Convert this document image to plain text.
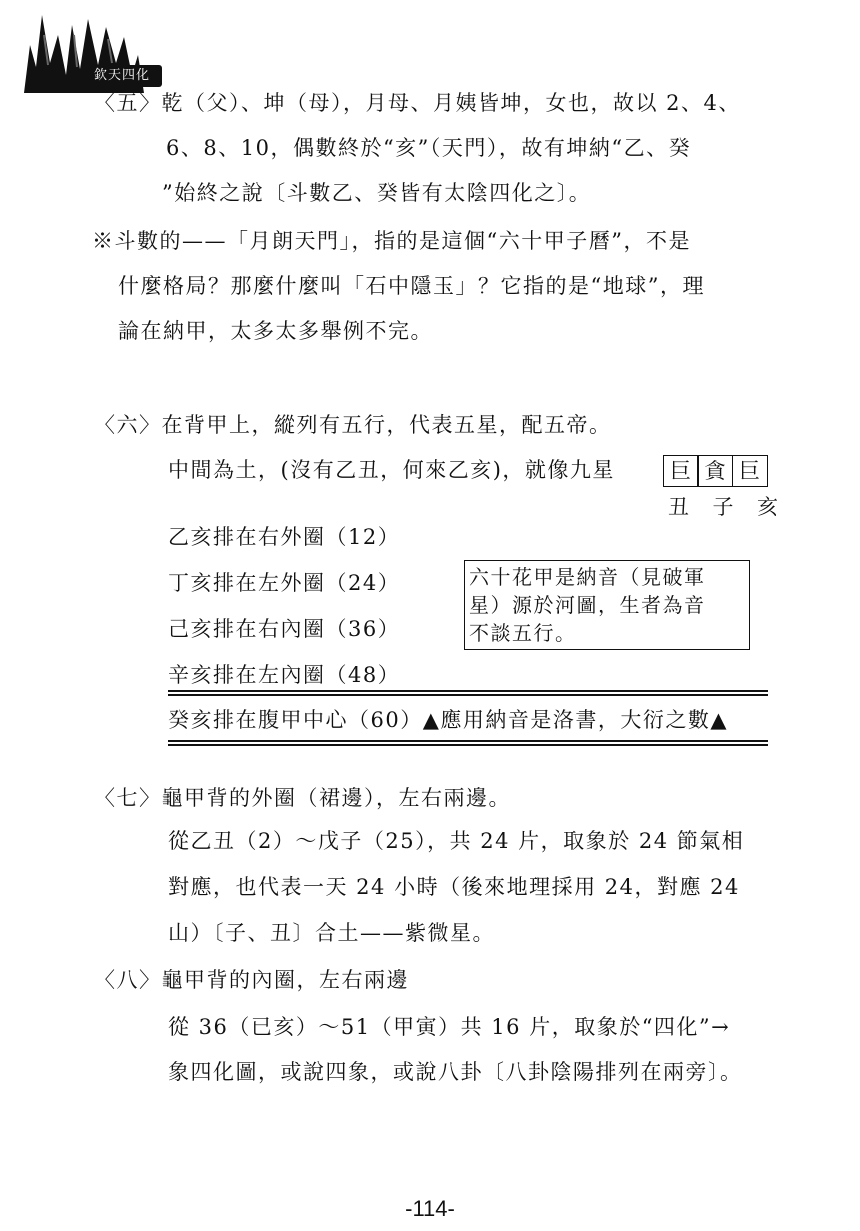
欽天四化
〈五〉乾（父）、坤（母），月母、月姨皆坤，女也，故以 2、4、
6、8、10，偶數終於“亥”（天門），故有坤納“乙、癸
”始終之說〔斗數乙、癸皆有太陰四化之〕。
※斗數的——「月朗天門」，指的是這個“六十甲子曆”，不是
什麼格局？那麼什麼叫「石中隱玉」？它指的是“地球”，理
論在納甲，太多太多舉例不完。
〈六〉在背甲上，縱列有五行，代表五星，配五帝。
中間為土，(沒有乙丑，何來乙亥)，就像九星	巨 貪 巨
丑 子 亥
乙亥排在右外圈（12）
丁亥排在左外圈（24）
己亥排在右內圈（36）
辛亥排在左內圈（48）
六十花甲是納音（見破軍
星）源於河圖，生者為音
不談五行。
癸亥排在腹甲中心（60）▲應用納音是洛書，大衍之數▲
〈七〉龜甲背的外圈（裙邊），左右兩邊。
從乙丑（2）～戊子（25），共 24 片，取象於 24 節氣相
對應，也代表一天 24 小時（後來地理採用 24，對應 24
山）〔子、丑〕合土——紫微星。
〈八〉龜甲背的內圈，左右兩邊
從 36（已亥）～51（甲寅）共 16 片，取象於“四化”→
象四化圖，或說四象，或說八卦〔八卦陰陽排列在兩旁〕。
-114-
